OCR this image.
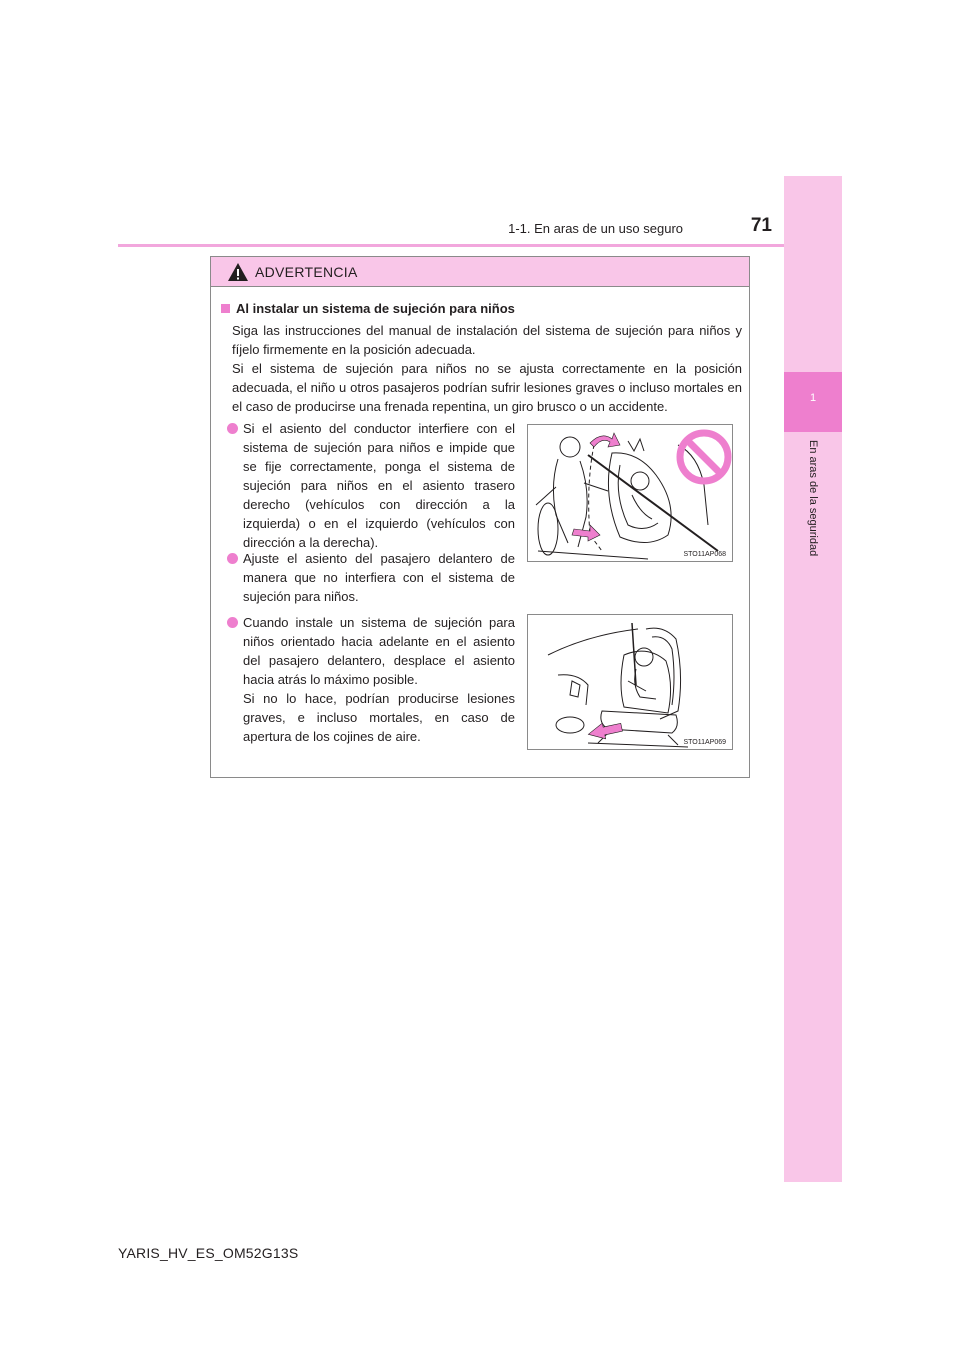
1
En aras de la seguridad
1-1. En aras de un uso seguro	71
ADVERTENCIA
Al instalar un sistema de sujeción para niños
Siga las instrucciones del manual de instalación del sistema de sujeción para niños y fíjelo firmemente en la posición adecuada.
Si el sistema de sujeción para niños no se ajusta correctamente en la posición adecuada, el niño u otros pasajeros podrían sufrir lesiones graves o incluso mortales en el caso de producirse una frenada repentina, un giro brusco o un accidente.
Si el asiento del conductor interfiere con el sistema de sujeción para niños e impide que se fije correctamente, ponga el sistema de sujeción para niños en el asiento trasero derecho (vehículos con dirección a la izquierda) o en el izquierdo (vehículos con dirección a la derecha).
Ajuste el asiento del pasajero delantero de manera que no interfiera con el sistema de sujeción para niños.
Cuando instale un sistema de sujeción para niños orientado hacia adelante en el asiento del pasajero delantero, desplace el asiento hacia atrás lo máximo posible.
Si no lo hace, podrían producirse lesiones graves, e incluso mortales, en caso de apertura de los cojines de aire.
STO11AP068
STO11AP069
YARIS_HV_ES_OM52G13S
